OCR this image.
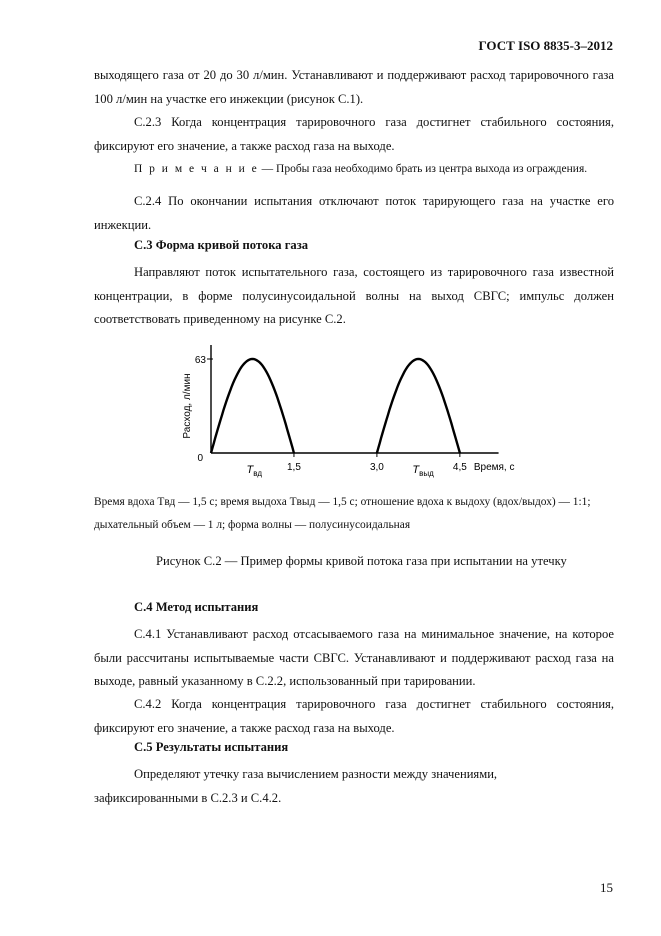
ГОСТ ISO 8835-3–2012

выходящего газа от 20 до 30 л/мин. Устанавливают и поддерживают расход тарировочного газа 100 л/мин на участке его инжекции (рисунок С.1).

С.2.3 Когда концентрация тарировочного газа достигнет стабильного состояния, фиксируют его значение, а также расход газа на выходе.

П р и м е ч а н и е — Пробы газа необходимо брать из центра выхода из ограждения.

С.2.4 По окончании испытания отключают поток тарирующего газа на участке его инжекции.

С.3 Форма кривой потока газа

Направляют поток испытательного газа, состоящего из тарировочного газа известной концентрации, в форме полусинусоидальной волны на выход СВГС; импульс должен соответствовать приведенному на рисунке С.2.

0
63
1,5	3,0	4,5
$T_{вд}$	$T_{выд}$
Время, с
Расход, л/мин

Время вдоха Tвд — 1,5 с; время выдоха Tвыд — 1,5 с; отношение вдоха к выдоху (вдох/выдох) — 1:1; дыхательный объем — 1 л; форма волны — полусинусоидальная

Рисунок С.2 — Пример формы кривой потока газа при испытании на утечку

С.4 Метод испытания

С.4.1 Устанавливают расход отсасываемого газа на минимальное значение, на которое были рассчитаны испытываемые части СВГС. Устанавливают и поддерживают расход газа на выходе, равный указанному в С.2.2, использованный при тарировании.

С.4.2 Когда концентрация тарировочного газа достигнет стабильного состояния, фиксируют его значение, а также расход газа на выходе.

С.5 Результаты испытания

Определяют утечку газа вычислением разности между значениями, зафиксированными в С.2.3 и С.4.2.

15
